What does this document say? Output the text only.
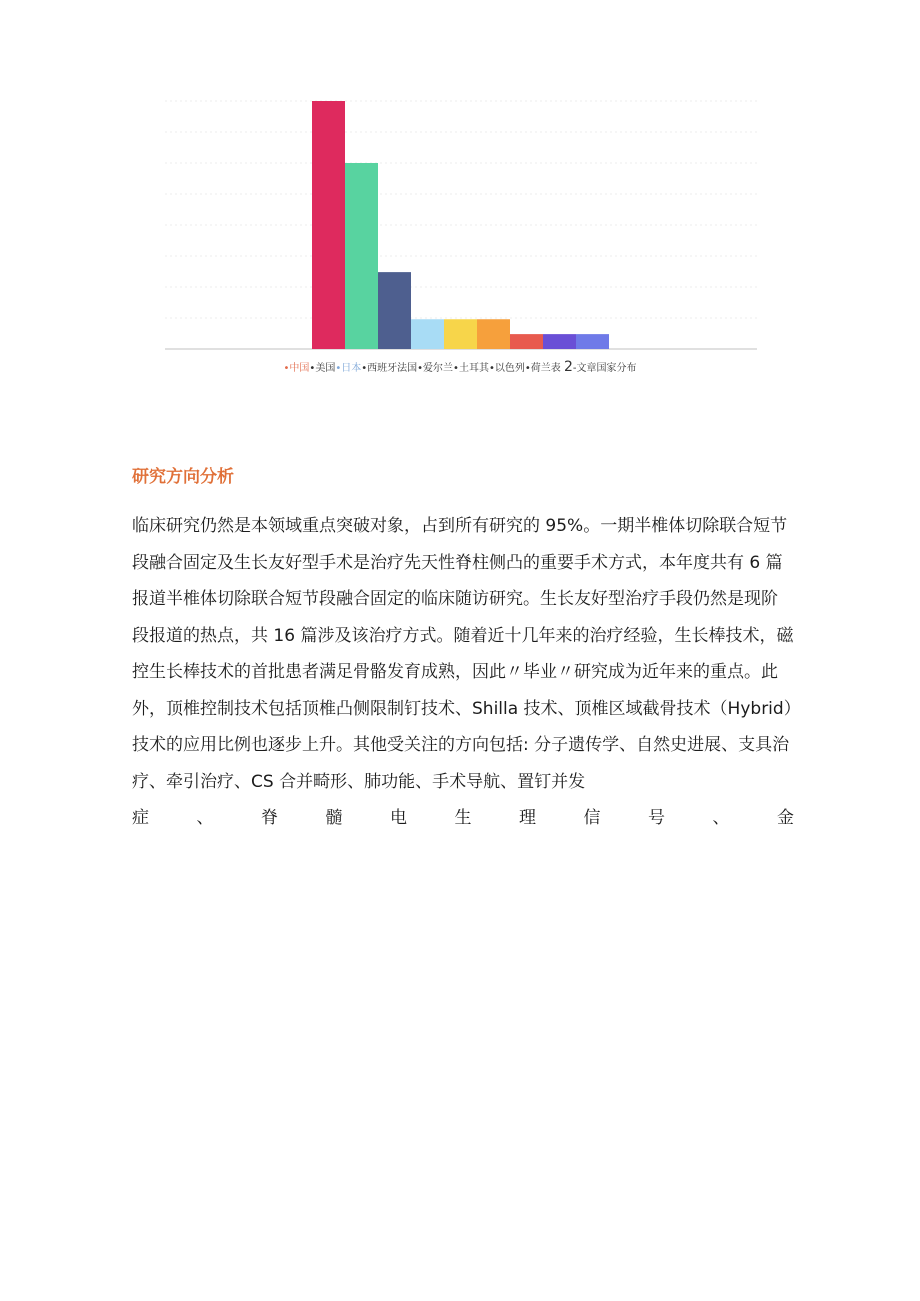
•中国•美国•日本•西班牙法国•爱尔兰•土耳其•以色列•荷兰表 2-文章国家分布
研究方向分析

临床研究仍然是本领域重点突破对象，占到所有研究的 95%。一期半椎体切除联合短节段融合固定及生长友好型手术是治疗先天性脊柱侧凸的重要手术方式，本年度共有 6 篇报道半椎体切除联合短节段融合固定的临床随访研究。生长友好型治疗手段仍然是现阶段报道的热点，共 16 篇涉及该治疗方式。随着近十几年来的治疗经验，生长棒技术，磁控生长棒技术的首批患者满足骨骼发育成熟，因此〃毕业〃研究成为近年来的重点。此外，顶椎控制技术包括顶椎凸侧限制钉技术、Shilla 技术、顶椎区域截骨技术（Hybrid）技术的应用比例也逐步上升。其他受关注的方向包括: 分子遗传学、自然史进展、支具治疗、牵引治疗、CS 合并畸形、肺功能、手术导航、置钉并发

症、脊髓电生理信号、金
